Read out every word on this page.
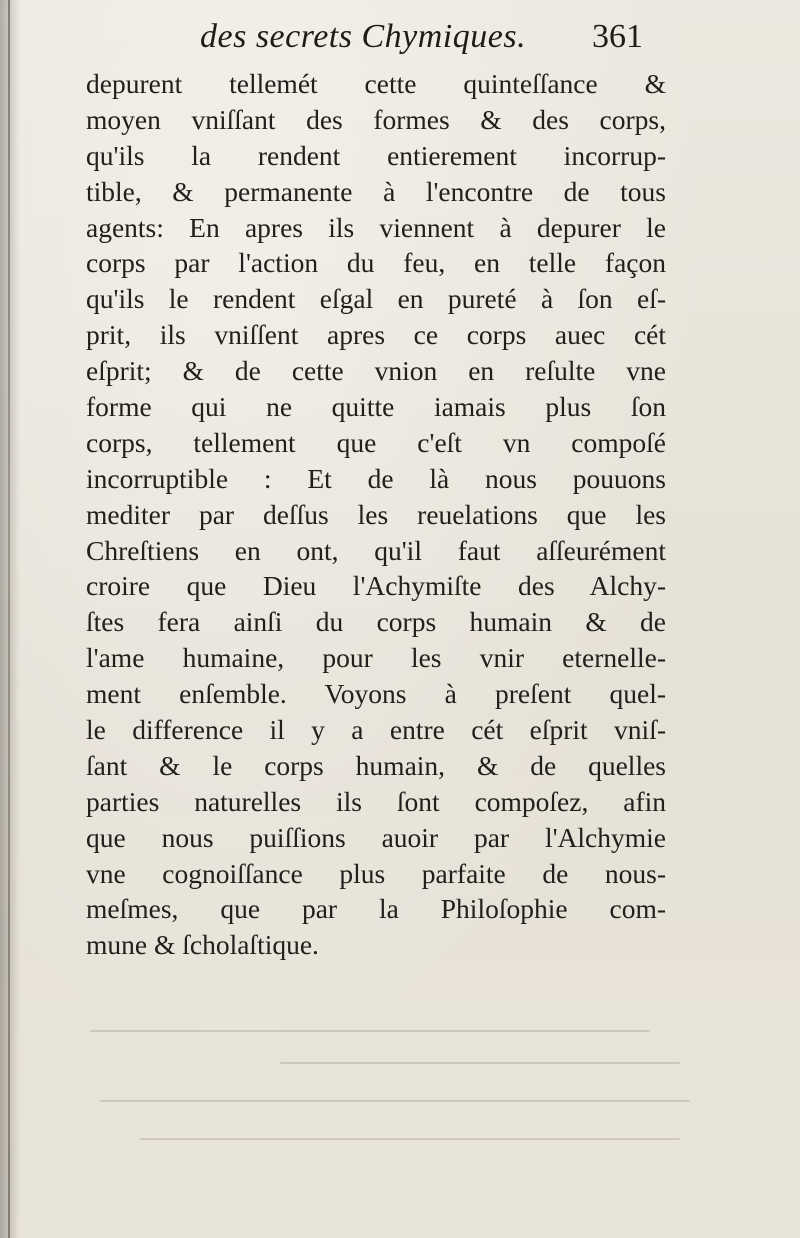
des secrets Chymiques. 361
depurent tellemét cette quinteſſance &
moyen vniſſant des formes & des corps,
qu'ils la rendent entierement incorrup-
tible, & permanente à l'encontre de tous
agents: En apres ils viennent à depurer le
corps par l'action du feu, en telle façon
qu'ils le rendent eſgal en pureté à ſon eſ-
prit, ils vniſſent apres ce corps auec cét
eſprit; & de cette vnion en reſulte vne
forme qui ne quitte iamais plus ſon
corps, tellement que c'eſt vn compoſé
incorruptible : Et de là nous pouuons
mediter par deſſus les reuelations que les
Chreſtiens en ont, qu'il faut aſſeurément
croire que Dieu l'Achymiſte des Alchy-
ſtes fera ainſi du corps humain & de
l'ame humaine, pour les vnir eternelle-
ment enſemble. Voyons à preſent quel-
le difference il y a entre cét eſprit vniſ-
ſant & le corps humain, & de quelles
parties naturelles ils ſont compoſez, afin
que nous puiſſions auoir par l'Alchymie
vne cognoiſſance plus parfaite de nous-
meſmes, que par la Philoſophie com-
mune & ſcholaſtique.
